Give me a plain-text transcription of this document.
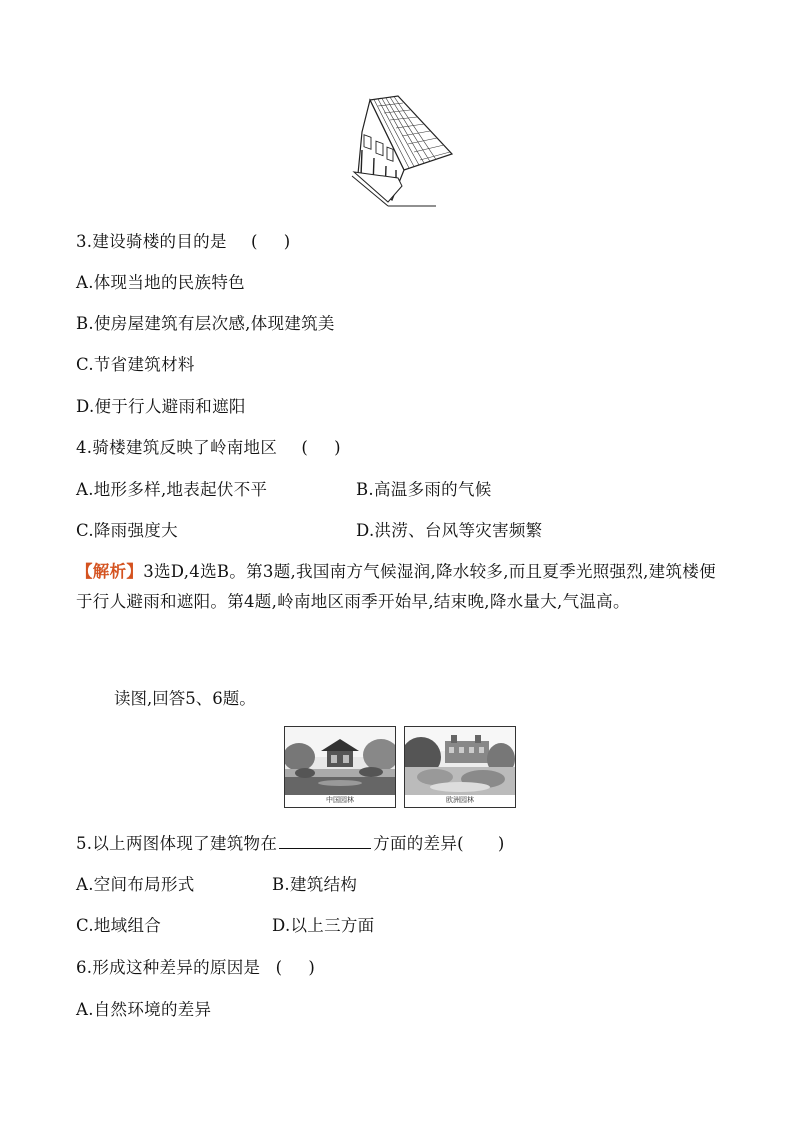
3.建设骑楼的目的是 ( )
A.体现当地的民族特色
B.使房屋建筑有层次感,体现建筑美
C.节省建筑材料
D.便于行人避雨和遮阳
4.骑楼建筑反映了岭南地区 ( )
A.地形多样,地表起伏不平	B.高温多雨的气候
C.降雨强度大	D.洪涝、台风等灾害频繁
【解析】3选D,4选B。第3题,我国南方气候湿润,降水较多,而且夏季光照强烈,建筑楼便于行人避雨和遮阳。第4题,岭南地区雨季开始早,结束晚,降水量大,气温高。
读图,回答5、6题。
中国园林	欧洲园林
5.以上两图体现了建筑物在	方面的差异( )
A.空间布局形式	B.建筑结构
C.地域组合	D.以上三方面
6.形成这种差异的原因是 ( )
A.自然环境的差异
